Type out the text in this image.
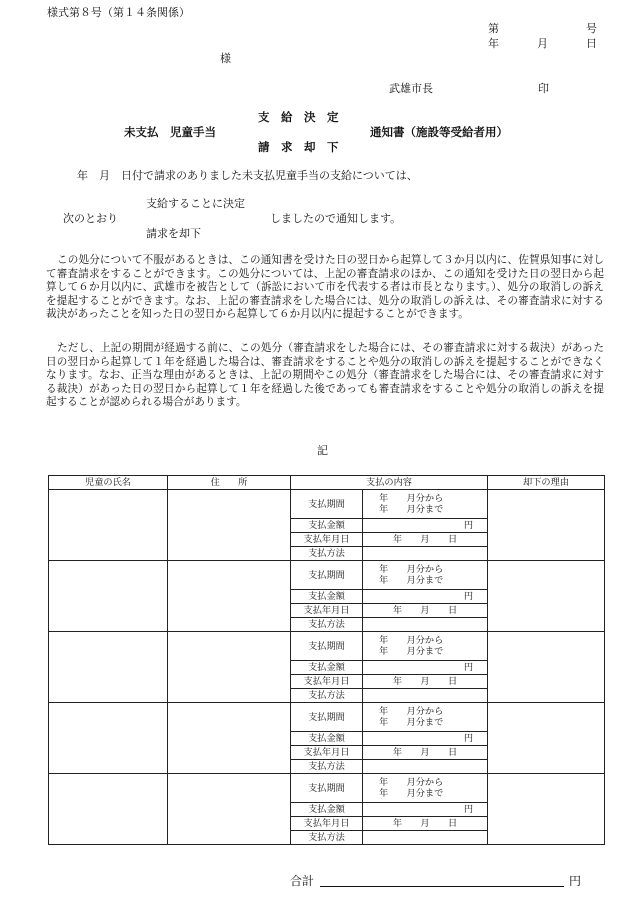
様式第８号（第１４条関係）
第	号
年	月	日
様
武雄市長	印
支　給　決　定
未支払　児童手当	通知書（施設等受給者用）
請　求　却　下
年　月　日付で請求のありました未支払児童手当の支給については、
支給することに決定
次のとおり	しましたので通知します。
請求を却下
この処分について不服があるときは、この通知書を受けた日の翌日から起算して３か月以内に、佐賀県知事に対して審査請求をすることができます。この処分については、上記の審査請求のほか、この通知を受けた日の翌日から起算して６か月以内に、武雄市を被告として（訴訟において市を代表する者は市長となります。）、処分の取消しの訴えを提起することができます。なお、上記の審査請求をした場合には、処分の取消しの訴えは、その審査請求に対する裁決があったことを知った日の翌日から起算して６か月以内に提起することができます。
ただし、上記の期間が経過する前に、この処分（審査請求をした場合には、その審査請求に対する裁決）があった日の翌日から起算して１年を経過した場合は、審査請求をすることや処分の取消しの訴えを提起することができなくなります。なお、正当な理由があるときは、上記の期間やこの処分（審査請求をした場合には、その審査請求に対する裁決）があった日の翌日から起算して１年を経過した後であっても審査請求をすることや処分の取消しの訴えを提起することが認められる場合があります。
記
児童の氏名	住　　所	支払の内容		却下の理由
		支払期間	年　　月分から
年　　月分まで	

		支払金額	円	
		支払年月日	年　　月　　日	
		支払方法		
		支払期間	年　　月分から
年　　月分まで	

		支払金額	円	
		支払年月日	年　　月　　日	
		支払方法		
		支払期間	年　　月分から
年　　月分まで	

		支払金額	円	
		支払年月日	年　　月　　日	
		支払方法		
		支払期間	年　　月分から
年　　月分まで	

		支払金額	円	
		支払年月日	年　　月　　日	
		支払方法		
		支払期間	年　　月分から
年　　月分まで	

		支払金額	円	
		支払年月日	年　　月　　日	
		支払方法		
合計	円
